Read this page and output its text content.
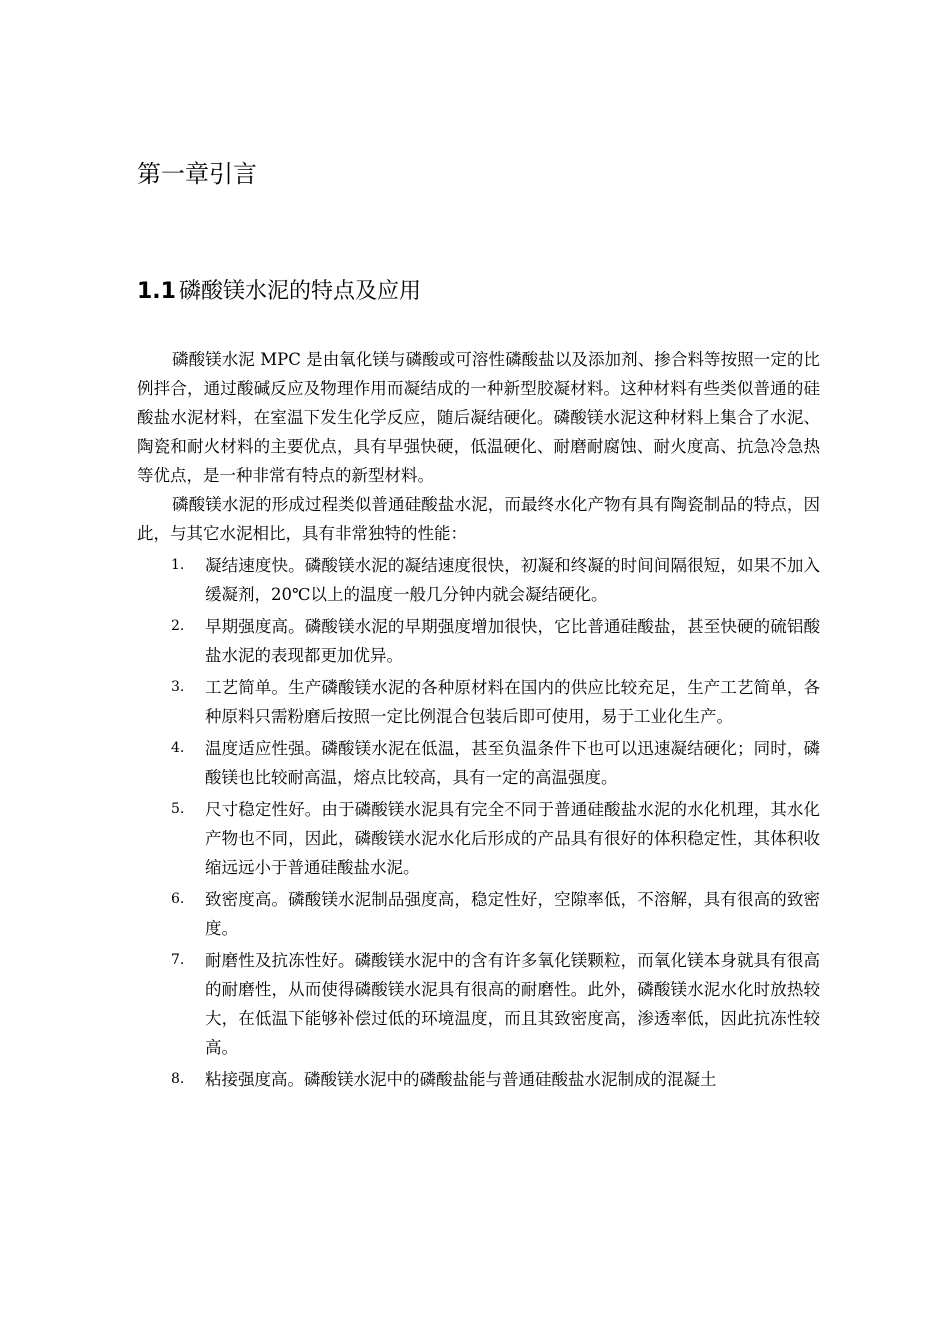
第一章引言
1.1 磷酸镁水泥的特点及应用

磷酸镁水泥 MPC 是由氧化镁与磷酸或可溶性磷酸盐以及添加剂、掺合料等按照一定的比例拌合，通过酸碱反应及物理作用而凝结成的一种新型胶凝材料。这种材料有些类似普通的硅酸盐水泥材料，在室温下发生化学反应，随后凝结硬化。磷酸镁水泥这种材料上集合了水泥、陶瓷和耐火材料的主要优点，具有早强快硬，低温硬化、耐磨耐腐蚀、耐火度高、抗急冷急热等优点，是一种非常有特点的新型材料。

磷酸镁水泥的形成过程类似普通硅酸盐水泥，而最终水化产物有具有陶瓷制品的特点，因此，与其它水泥相比，具有非常独特的性能：

1. 凝结速度快。磷酸镁水泥的凝结速度很快，初凝和终凝的时间间隔很短，如果不加入缓凝剂，20℃以上的温度一般几分钟内就会凝结硬化。
2. 早期强度高。磷酸镁水泥的早期强度增加很快，它比普通硅酸盐，甚至快硬的硫铝酸盐水泥的表现都更加优异。
3. 工艺简单。生产磷酸镁水泥的各种原材料在国内的供应比较充足，生产工艺简单，各种原料只需粉磨后按照一定比例混合包装后即可使用，易于工业化生产。
4. 温度适应性强。磷酸镁水泥在低温，甚至负温条件下也可以迅速凝结硬化；同时，磷酸镁也比较耐高温，熔点比较高，具有一定的高温强度。
5. 尺寸稳定性好。由于磷酸镁水泥具有完全不同于普通硅酸盐水泥的水化机理，其水化产物也不同，因此，磷酸镁水泥水化后形成的产品具有很好的体积稳定性，其体积收缩远远小于普通硅酸盐水泥。
6. 致密度高。磷酸镁水泥制品强度高，稳定性好，空隙率低，不溶解，具有很高的致密度。
7. 耐磨性及抗冻性好。磷酸镁水泥中的含有许多氧化镁颗粒，而氧化镁本身就具有很高的耐磨性，从而使得磷酸镁水泥具有很高的耐磨性。此外，磷酸镁水泥水化时放热较大，在低温下能够补偿过低的环境温度，而且其致密度高，渗透率低，因此抗冻性较高。
8. 粘接强度高。磷酸镁水泥中的磷酸盐能与普通硅酸盐水泥制成的混凝土
